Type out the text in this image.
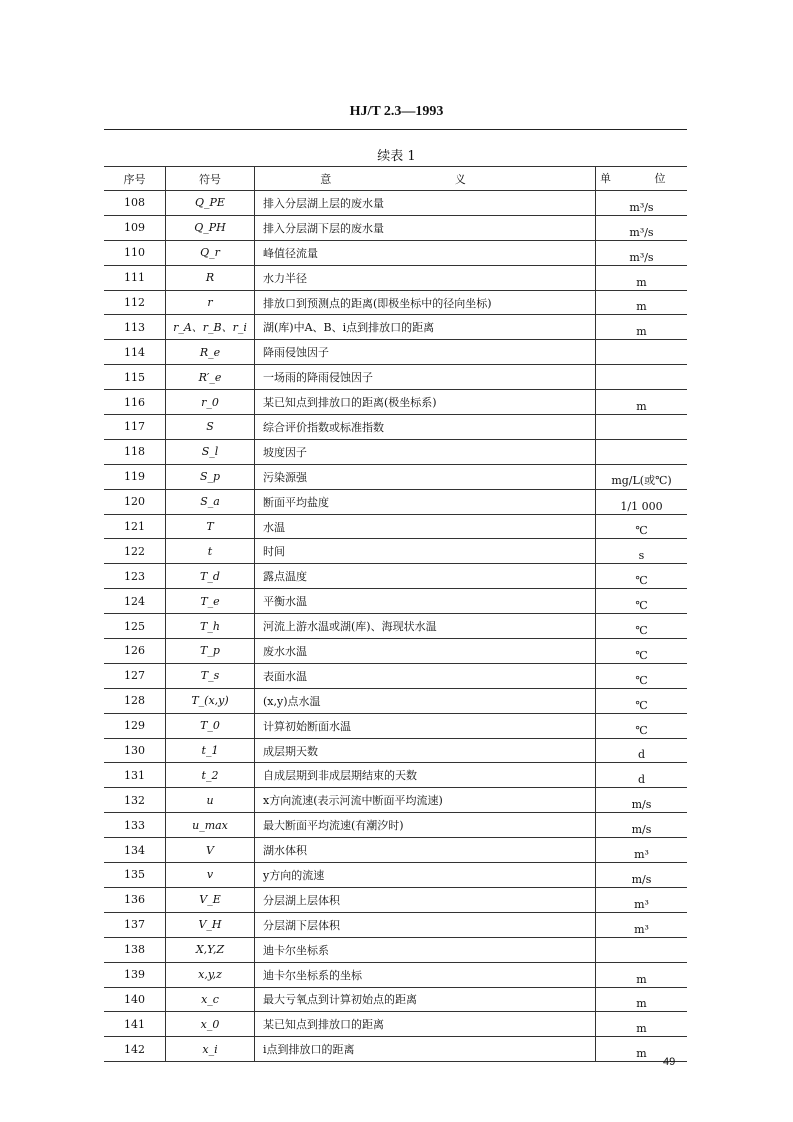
HJ/T 2.3—1993
续表 1
序号	符号	意 义	单 位
108	Q_PE	排入分层湖上层的废水量	m³/s
109	Q_PH	排入分层湖下层的废水量	m³/s
110	Q_r	峰值径流量	m³/s
111	R	水力半径	m
112	r	排放口到预测点的距离(即极坐标中的径向坐标)	m
113	r_A、r_B、r_i	湖(库)中A、B、i点到排放口的距离	m
114	R_e	降雨侵蚀因子	
115	R′_e	一场雨的降雨侵蚀因子	
116	r_0	某已知点到排放口的距离(极坐标系)	m
117	S	综合评价指数或标准指数	
118	S_l	坡度因子	
119	S_p	污染源强	mg/L(或℃)
120	S_a	断面平均盐度	1/1 000
121	T	水温	℃
122	t	时间	s
123	T_d	露点温度	℃
124	T_e	平衡水温	℃
125	T_h	河流上游水温或湖(库)、海现状水温	℃
126	T_p	废水水温	℃
127	T_s	表面水温	℃
128	T_(x,y)	(x,y)点水温	℃
129	T_0	计算初始断面水温	℃
130	t_1	成层期天数	d
131	t_2	自成层期到非成层期结束的天数	d
132	u	x方向流速(表示河流中断面平均流速)	m/s
133	u_max	最大断面平均流速(有潮汐时)	m/s
134	V	湖水体积	m³
135	v	y方向的流速	m/s
136	V_E	分层湖上层体积	m³
137	V_H	分层湖下层体积	m³
138	X,Y,Z	迪卡尔坐标系	
139	x,y,z	迪卡尔坐标系的坐标	m
140	x_c	最大亏氧点到计算初始点的距离	m
141	x_0	某已知点到排放口的距离	m
142	x_i	i点到排放口的距离	m
49
